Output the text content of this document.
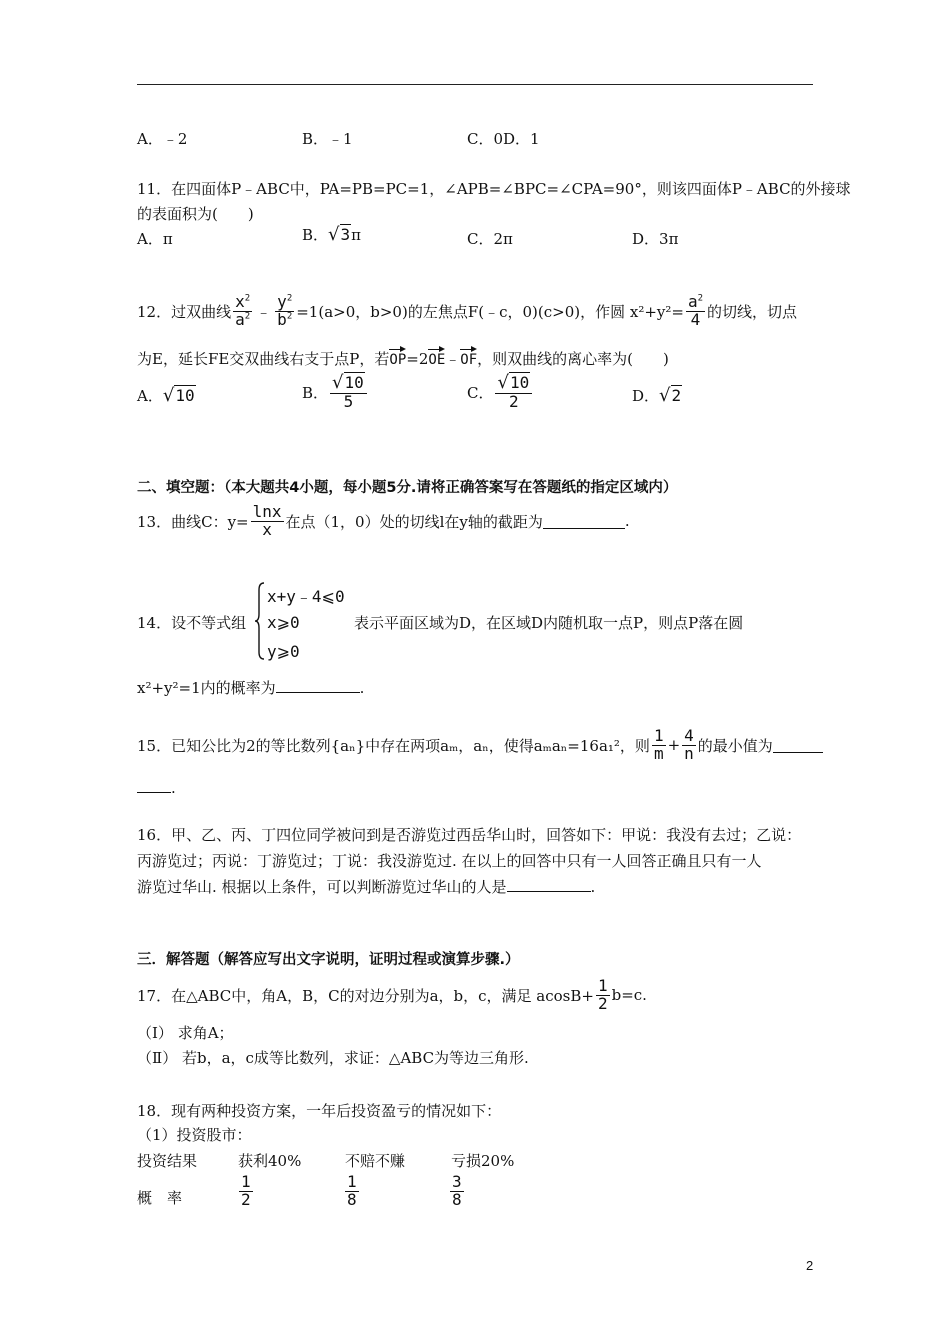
A．﹣2	B．﹣1	C．0D．1
11．在四面体P﹣ABC中，PA=PB=PC=1，∠APB=∠BPC=∠CPA=90°，则该四面体P﹣ABC的外接球
的表面积为(　　)
A．π	B．√3π	C．2π	D．3π
12．过双曲线 $\frac{x^2}{a^2}$ ﹣ $\frac{y^2}{b^2} =1(a>0$，b>0)的左焦点F(﹣c，0)(c>0)，作圆 $x^2+y^2= \frac{a^2}{4}$ 的切线，切点
为E，延长FE交双曲线右支于点P，若OP=2OE﹣OF，则双曲线的离心率为(　　)
A．√10	B． $\frac{√10}{5}$	C． $\frac{√10}{2}$	D．√2
二、填空题：（本大题共4小题，每小题5分.请将正确答案写在答题纸的指定区域内）
13．曲线C：$y= \frac{\ln x}{x}$ 在点（1，0）处的切线l在y轴的截距为	.
14．设不等式组
x+y﹣4⩽0
x⩾0
y⩾0
表示平面区域为D，在区域D内随机取一点P，则点P落在圆
x²+y²=1内的概率为	.
15．已知公比为2的等比数列{aₙ}中存在两项aₘ，aₙ，使得aₘaₙ=16a₁²，则 $\frac{1}{m} + \frac{4}{n}$ 的最小值为
.
16．甲、乙、丙、丁四位同学被问到是否游览过西岳华山时，回答如下：甲说：我没有去过；乙说：
丙游览过；丙说：丁游览过；丁说：我没游览过. 在以上的回答中只有一人回答正确且只有一人
游览过华山. 根据以上条件，可以判断游览过华山的人是	.
三．解答题（解答应写出文字说明，证明过程或演算步骤.）
17．在△ABC中，角A，B，C的对边分别为a，b，c，满足 $acosB+ \frac{1}{2} b=c$.
（Ⅰ） 求角A；
（Ⅱ） 若b，a，c成等比数列，求证：△ABC为等边三角形.
18．现有两种投资方案，一年后投资盈亏的情况如下：
（1）投资股市：
投资结果	获利40%	不赔不赚	亏损20%
概　率	$\frac{1}{2}$	$\frac{1}{8}$	$\frac{3}{8}$
2
